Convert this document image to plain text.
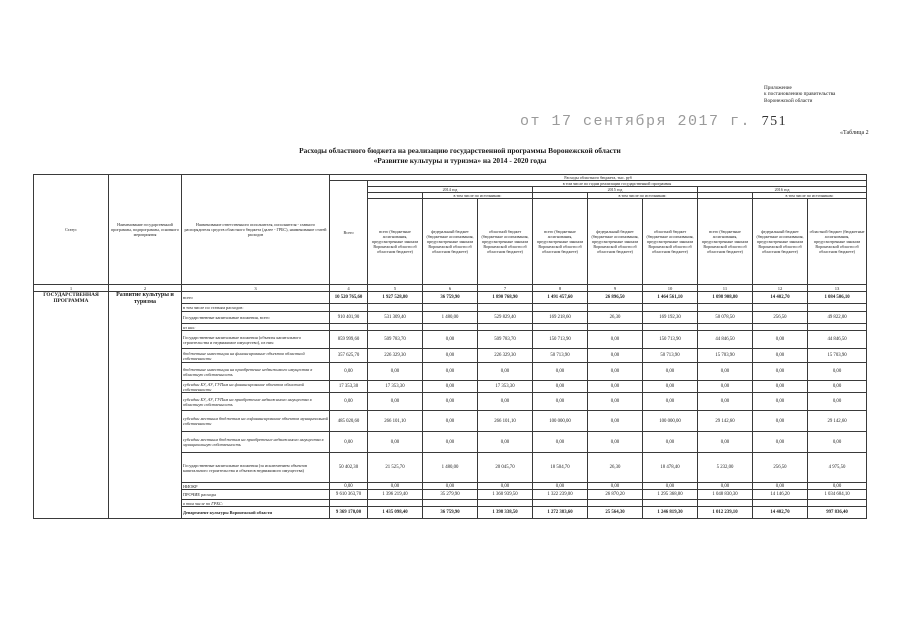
Приложение
к постановлению правительства
Воронежской области
от 17 сентября 2017 г. 751
«Таблица 2
Расходы областного бюджета на реализацию государственной программы Воронежской области
«Развитие культуры и туризма» на 2014 - 2020 годы
Статус	Наименование государственной программы, подпрограммы, основного мероприятия	Наименование ответственного исполнителя, исполнителя - главного распорядителя средств областного бюджета (далее - ГРБС), наименование статей расходов	Расходы областного бюджета, тыс. руб									
			Всего	в том числе по годам реализации государственной программы								
				2014 год			2015 год			2016 год		
					в том числе по источникам:			в том числе по источникам:			в том числе по источникам:	
				всего (бюджетные ассигнования, предусмотренные законом Воронежской области об областном бюджете)	федеральный бюджет (бюджетные ассигнования, предусмотренные законом Воронежской области об областном бюджете)	областной бюджет (бюджетные ассигнования, предусмотренные законом Воронежской области об областном бюджете)	всего (бюджетные ассигнования, предусмотренные законом Воронежской области об областном бюджете)	федеральный бюджет (бюджетные ассигнования, предусмотренные законом Воронежской области об областном бюджете)	областной бюджет (бюджетные ассигнования, предусмотренные законом Воронежской области об областном бюджете)	всего (бюджетные ассигнования, предусмотренные законом Воронежской области об областном бюджете)	федеральный бюджет (бюджетные ассигнования, предусмотренные законом Воронежской области об областном бюджете)	областной бюджет (бюджетные ассигнования, предусмотренные законом Воронежской области об областном бюджете)
1	2	3	4	5	6	7	8	9	10	11	12	13
ГОСУДАРСТВЕННАЯ ПРОГРАММА	Развитие культуры и туризма	всего	10 520 765,60	1 927 528,80	36 759,90	1 890 768,90	1 491 457,60	26 896,50	1 464 561,10	1 098 908,80	14 402,70	1 084 506,10
		в том числе по статьям расходов:										
		Государственные капитальные вложения, всего	910 401,90	531 309,40	1 480,00	529 829,40	169 218,60	26,30	169 192,30	50 078,50	256,50	49 822,00
		из них:										
		Государственные капитальные вложения (объекты капитального строительства и недвижимое имущество), из них:	859 999,60	509 783,70	0,00	509 783,70	150 713,90	0,00	150 713,90	44 846,50	0,00	44 846,50
		бюджетные инвестиции на финансирование объектов областной собственности	357 625,70	226 329,30	0,00	226 329,30	50 713,90	0,00	50 713,90	15 703,90	0,00	15 703,90
		бюджетные инвестиции на приобретение недвижимого имущества в областную собственность	0,00	0,00	0,00	0,00	0,00	0,00	0,00	0,00	0,00	0,00
		субсидии БУ, АУ, ГУПам на финансирование объектов областной собственности	17 353,30	17 353,30	0,00	17 353,30	0,00	0,00	0,00	0,00	0,00	0,00
		субсидии БУ, АУ, ГУПам на приобретение недвижимого имущества в областную собственность	0,00	0,00	0,00	0,00	0,00	0,00	0,00	0,00	0,00	0,00
		субсидии местным бюджетам на софинансирование объектов муниципальной собственности	485 020,60	266 101,10	0,00	266 101,10	100 000,00	0,00	100 000,00	29 142,60	0,00	29 142,60
		субсидии местным бюджетам на приобретение недвижимого имущества в муниципальную собственность	0,00	0,00	0,00	0,00	0,00	0,00	0,00	0,00	0,00	0,00
		Государственные капитальные вложения (за исключением объектов капитального строительства и объектов недвижимого имущества)	50 402,30	21 525,70	1 480,00	20 045,70	18 504,70	26,30	18 478,40	5 232,00	256,50	4 975,50
		НИОКР	0,00	0,00	0,00	0,00	0,00	0,00	0,00	0,00	0,00	0,00
		ПРОЧИЕ расходы	9 610 363,70	1 396 219,40	35 279,90	1 360 939,50	1 322 239,00	26 870,20	1 295 368,80	1 048 830,30	14 146,20	1 034 684,10
		в том числе по ГРБС:										
		Департамент культуры Воронежской области	9 369 170,00	1 435 098,40	36 759,90	1 398 338,50	1 272 383,60	25 564,30	1 246 819,30	1 012 239,10	14 402,70	997 836,40
